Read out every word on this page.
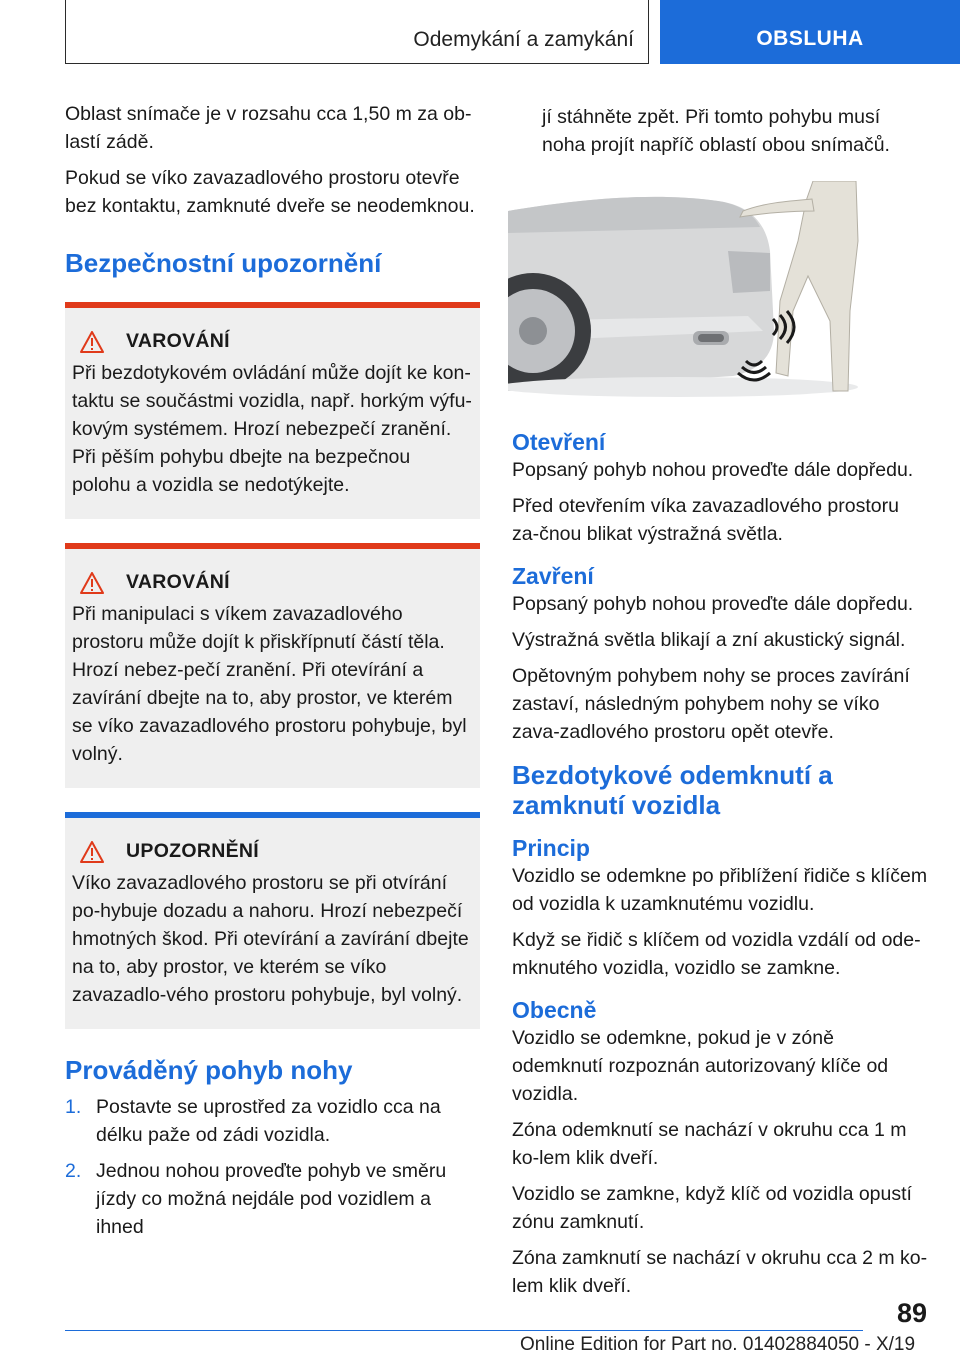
Odemykání a zamykání	OBSLUHA

Oblast snímače je v rozsahu cca 1,50 m za ob‐lastí zádě.

Pokud se víko zavazadlového prostoru otevře bez kontaktu, zamknuté dveře se neodemknou.

Bezpečnostní upozornění
VAROVÁNÍ

Při bezdotykovém ovládání může dojít ke kon‐taktu se součástmi vozidla, např. horkým výfu‐kovým systémem. Hrozí nebezpečí zranění. Při pěším pohybu dbejte na bezpečnou polohu a vozidla se nedotýkejte.

VAROVÁNÍ

Při manipulaci s víkem zavazadlového prostoru může dojít k přiskřípnutí částí těla. Hrozí nebez‐pečí zranění. Při otevírání a zavírání dbejte na to, aby prostor, ve kterém se víko zavazadlového prostoru pohybuje, byl volný.

UPOZORNĚNÍ

Víko zavazadlového prostoru se při otvírání po‐hybuje dozadu a nahoru. Hrozí nebezpečí hmotných škod. Při otevírání a zavírání dbejte na to, aby prostor, ve kterém se víko zavazadlo‐vého prostoru pohybuje, byl volný.

Prováděný pohyb nohy
1. Postavte se uprostřed za vozidlo cca na délku paže od zádi vozidla.
2. Jednou nohou proveďte pohyb ve směru jízdy co možná nejdále pod vozidlem a ihned

jí stáhněte zpět. Při tomto pohybu musí noha projít napříč oblastí obou snímačů.

Otevření

Popsaný pohyb nohou proveďte dále dopředu.

Před otevřením víka zavazadlového prostoru za‐čnou blikat výstražná světla.

Zavření

Popsaný pohyb nohou proveďte dále dopředu.

Výstražná světla blikají a zní akustický signál.

Opětovným pohybem nohy se proces zavírání zastaví, následným pohybem nohy se víko zava‐zadlového prostoru opět otevře.

Bezdotykové odemknutí a zamknutí vozidla
Princip

Vozidlo se odemkne po přiblížení řidiče s klíčem od vozidla k uzamknutému vozidlu.

Když se řidič s klíčem od vozidla vzdálí od ode‐mknutého vozidla, vozidlo se zamkne.

Obecně

Vozidlo se odemkne, pokud je v zóně odemknutí rozpoznán autorizovaný klíče od vozidla.

Zóna odemknutí se nachází v okruhu cca 1 m ko‐lem klik dveří.

Vozidlo se zamkne, když klíč od vozidla opustí zónu zamknutí.

Zóna zamknutí se nachází v okruhu cca 2 m ko‐lem klik dveří.

89
Online Edition for Part no. 01402884050 - X/19
